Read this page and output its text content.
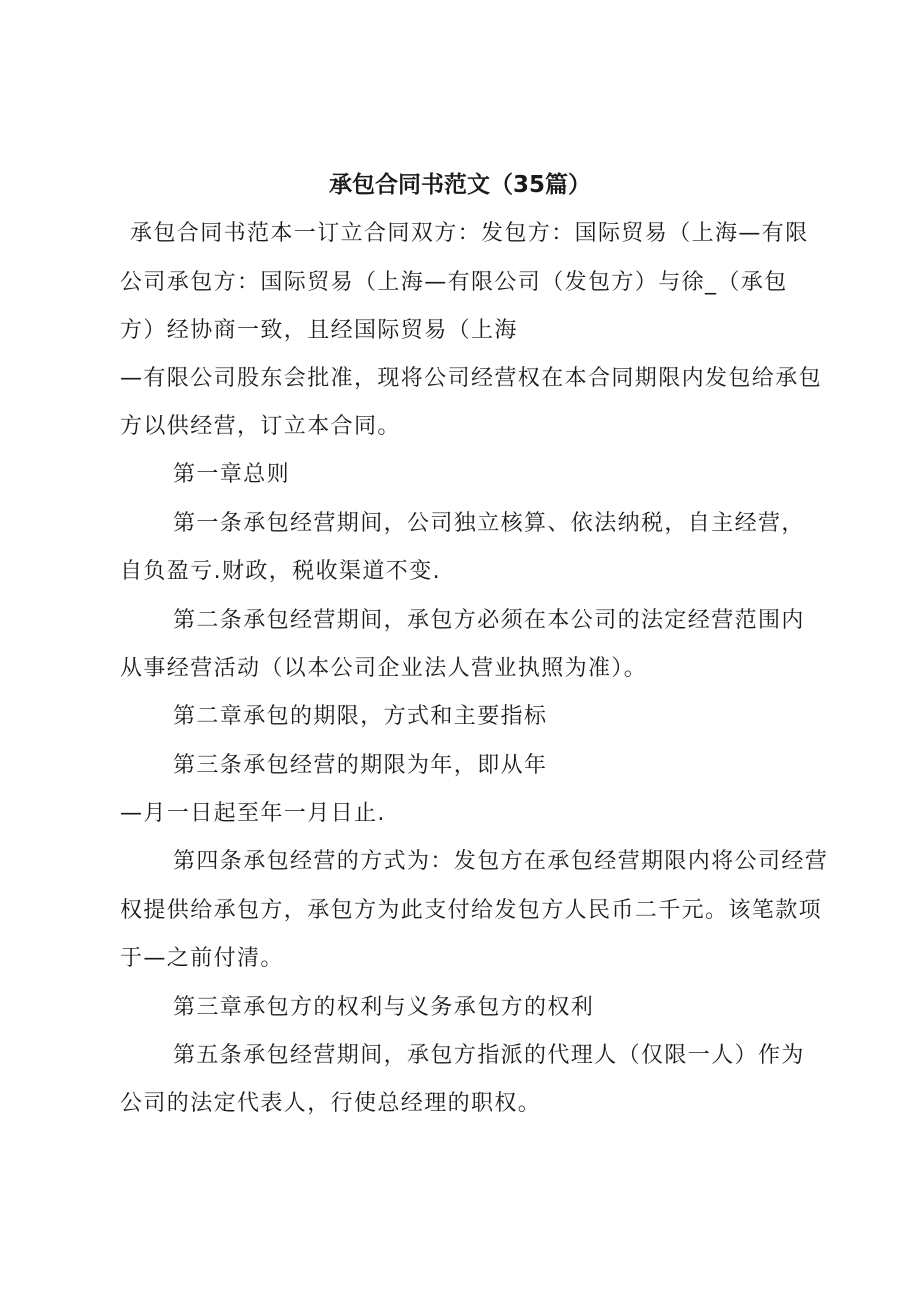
承包合同书范文（35篇）
承包合同书范本一订立合同双方：发包方：国际贸易（上海—有限
公司承包方：国际贸易（上海—有限公司（发包方）与徐_（承包
方）经协商一致，且经国际贸易（上海
—有限公司股东会批准，现将公司经营权在本合同期限内发包给承包
方以供经营，订立本合同。
第一章总则
第一条承包经营期间，公司独立核算、依法纳税，自主经营，
自负盈亏.财政，税收渠道不变.
第二条承包经营期间，承包方必须在本公司的法定经营范围内
从事经营活动（以本公司企业法人营业执照为准）。
第二章承包的期限，方式和主要指标
第三条承包经营的期限为年，即从年
—月一日起至年一月日止.
第四条承包经营的方式为：发包方在承包经营期限内将公司经营
权提供给承包方，承包方为此支付给发包方人民币二千元。该笔款项
于—之前付清。
第三章承包方的权利与义务承包方的权利
第五条承包经营期间，承包方指派的代理人（仅限一人）作为
公司的法定代表人，行使总经理的职权。
